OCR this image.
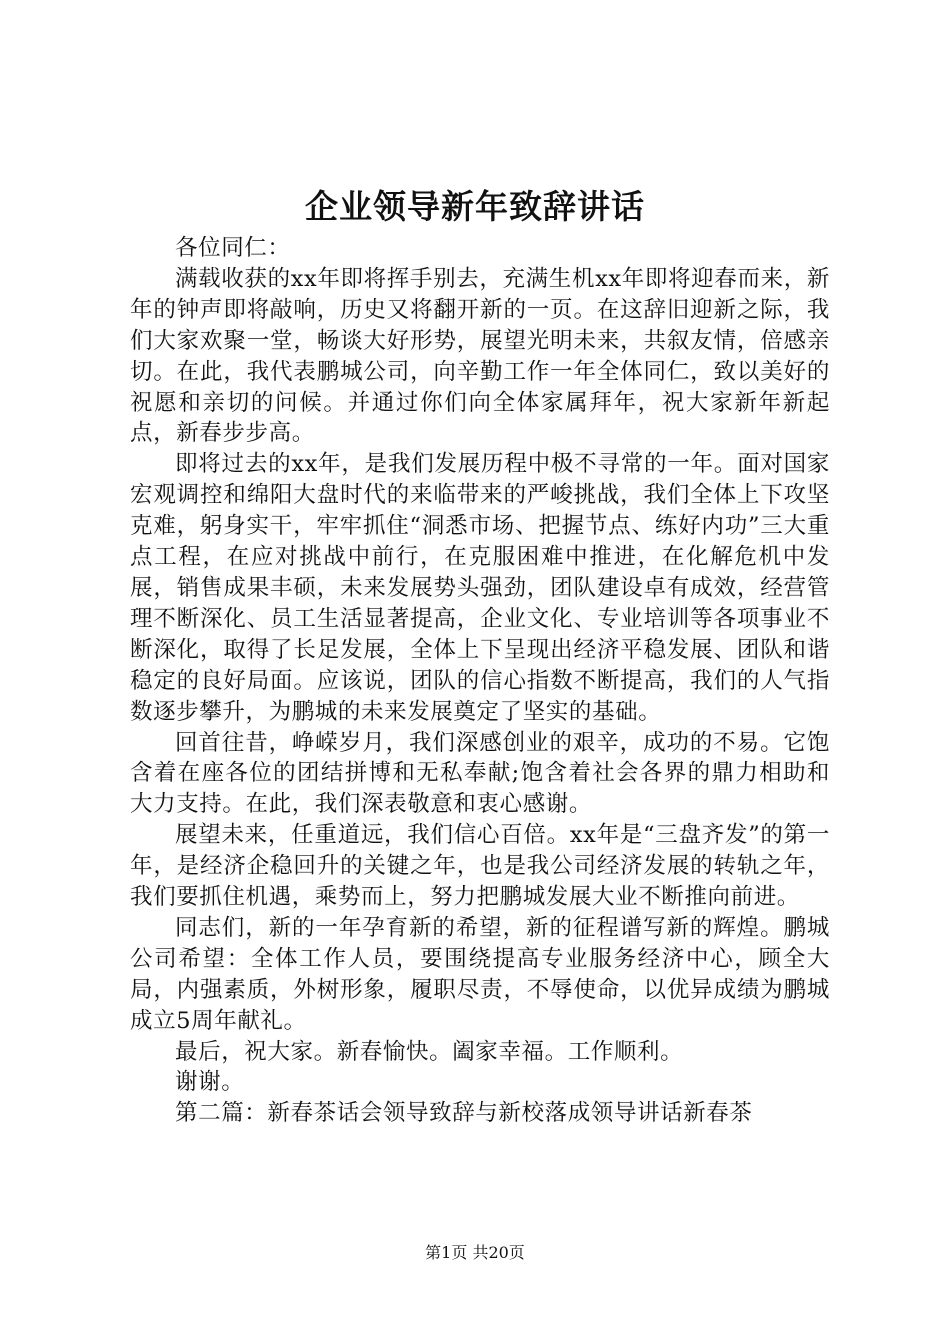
企业领导新年致辞讲话

各位同仁：

满载收获的xx年即将挥手别去，充满生机xx年即将迎春而来，新年的钟声即将敲响，历史又将翻开新的一页。在这辞旧迎新之际，我们大家欢聚一堂，畅谈大好形势，展望光明未来，共叙友情，倍感亲切。在此，我代表鹏城公司，向辛勤工作一年全体同仁，致以美好的祝愿和亲切的问候。并通过你们向全体家属拜年，祝大家新年新起点，新春步步高。

即将过去的xx年，是我们发展历程中极不寻常的一年。面对国家宏观调控和绵阳大盘时代的来临带来的严峻挑战，我们全体上下攻坚克难，躬身实干，牢牢抓住“洞悉市场、把握节点、练好内功”三大重点工程，在应对挑战中前行，在克服困难中推进，在化解危机中发展，销售成果丰硕，未来发展势头强劲，团队建设卓有成效，经营管理不断深化、员工生活显著提高，企业文化、专业培训等各项事业不断深化，取得了长足发展，全体上下呈现出经济平稳发展、团队和谐稳定的良好局面。应该说，团队的信心指数不断提高，我们的人气指数逐步攀升，为鹏城的未来发展奠定了坚实的基础。

回首往昔，峥嵘岁月，我们深感创业的艰辛，成功的不易。它饱含着在座各位的团结拼博和无私奉献;饱含着社会各界的鼎力相助和大力支持。在此，我们深表敬意和衷心感谢。

展望未来，任重道远，我们信心百倍。xx年是“三盘齐发”的第一年，是经济企稳回升的关键之年，也是我公司经济发展的转轨之年，我们要抓住机遇，乘势而上，努力把鹏城发展大业不断推向前进。

同志们，新的一年孕育新的希望，新的征程谱写新的辉煌。鹏城公司希望：全体工作人员，要围绕提高专业服务经济中心，顾全大局，内强素质，外树形象，履职尽责，不辱使命，以优异成绩为鹏城成立5周年献礼。

最后，祝大家。新春愉快。阖家幸福。工作顺利。

谢谢。

第二篇：新春茶话会领导致辞与新校落成领导讲话新春茶

第1页 共20页
